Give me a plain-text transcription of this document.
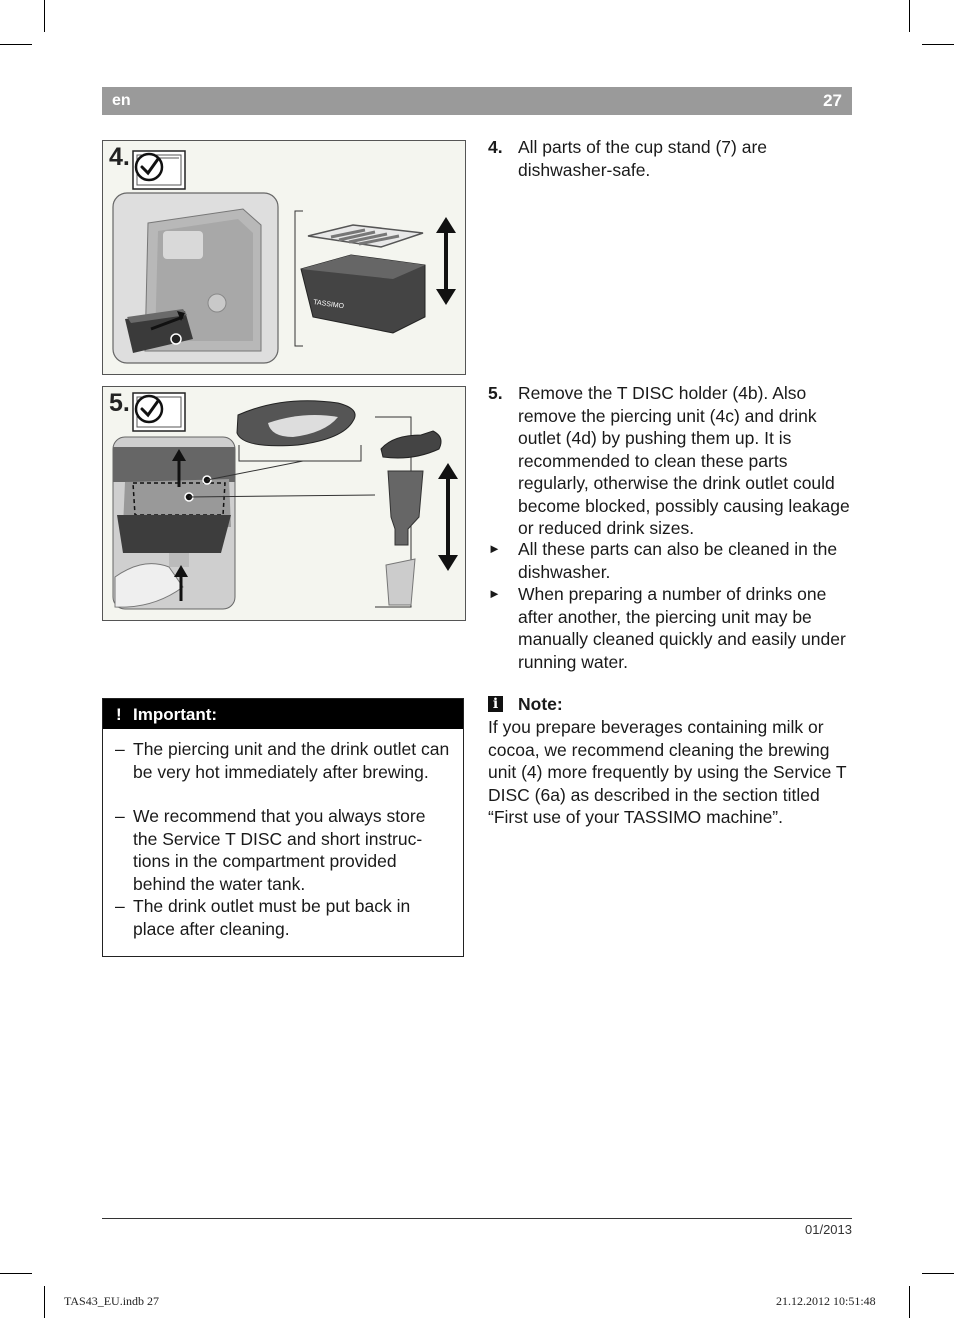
en	27
TASSIMO
4.
5.
4. All parts of the cup stand (7) are dishwasher-safe.
5. Remove the T DISC holder (4b). Also remove the piercing unit (4c) and drink outlet (4d) by pushing them up. It is recommended to clean these parts regularly, otherwise the drink outlet could become blocked, possibly causing leakage or reduced drink sizes.
► All these parts can also be cleaned in the dishwasher.
► When preparing a number of drinks one after another, the piercing unit may be manually cleaned quickly and easily under running water.
! Important:
– The piercing unit and the drink outlet can be very hot immediately after brewing.
– We recommend that you always store the Service T DISC and short instruc-tions in the compartment provided behind the water tank.
– The drink outlet must be put back in place after cleaning.
i Note:
If you prepare beverages containing milk or cocoa, we recommend cleaning the brewing unit (4) more frequently by using the Service T DISC (6a) as described in the section titled “First use of your TASSIMO machine”.
01/2013
TAS43_EU.indb 27	21.12.2012 10:51:48
